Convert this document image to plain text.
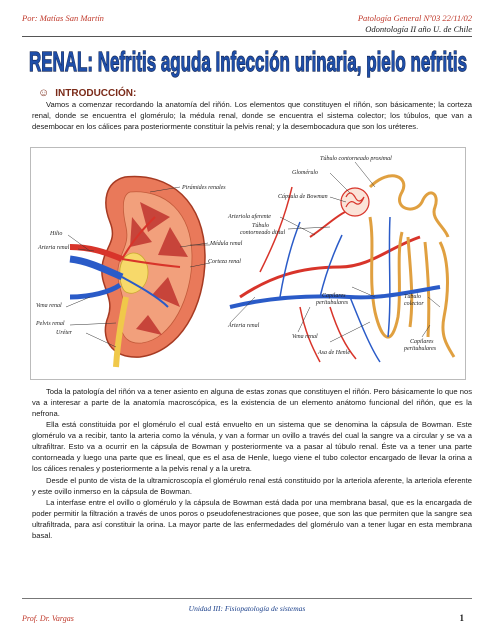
Por: Matías San Martín	Patología General Nº03 22/11/02
Odontología II año U. de Chile
RENAL: Nefritis aguda Infección urinaria, pielo nefritis
☺ INTRODUCCIÓN:
Vamos a comenzar recordando la anatomía del riñón. Los elementos que constituyen el riñón, son básicamente; la corteza renal, donde se encuentra el glomérulo; la médula renal, donde se encuentra el sistema colector; los túbulos, que van a desembocar en los cálices para posteriormente constituir la pelvis renal; y la desembocadura que son los uréteres.
Pirámides renales
Hilio
Arteria renal
Médula renal
Corteza renal
Vena renal
Pelvis renal
Uréter
Túbulo contorneado proximal
Glomérulo
Cápsula de Bowman
Arteriola aferente
Túbulo
contorneado distal
Capilares
peritubulares
Túbulo
colector
Arteria renal
Vena renal
Asa de Henle
Capilares
peritubulares
Toda la patología del riñón va a tener asiento en alguna de estas zonas que constituyen el riñón. Pero básicamente lo que nos va a interesar a parte de la anatomía macroscópica, es la existencia de un elemento anátomo funcional del riñón, que es la nefrona.
Ella está constituida por el glomérulo el cual está envuelto en un sistema que se denomina la cápsula de Bowman. Este glomérulo va a recibir, tanto la arteria como la vénula, y van a formar un ovillo a través del cual la sangre va a circular y se va a ultrafiltrar. Esto va a ocurrir en la cápsula de Bowman y posteriormente va a pasar al túbulo renal. Éste va a tener una parte contorneada y luego una parte que es lineal, que es el asa de Henle, luego viene el tubo colector encargado de llevar la orina a los cálices renales y posteriormente a la pelvis renal y a la uretra.
Desde el punto de vista de la ultramicroscopía el glomérulo renal está constituido por la arteriola aferente, la arteriola eferente y este ovillo inmerso en la cápsula de Bowman.
La interfase entre el ovillo o glomérulo y la cápsula de Bowman está dada por una membrana basal, que es la encargada de poder permitir la filtración a través de unos poros o pseudofenestraciones que posee, que son las que permiten que la sangre sea ultrafiltrada, para así constituir la orina. La mayor parte de las enfermedades del glomérulo van a tener lugar en esta membrana basal.
Unidad III: Fisiopatología de sistemas
Prof. Dr. Vargas	1
